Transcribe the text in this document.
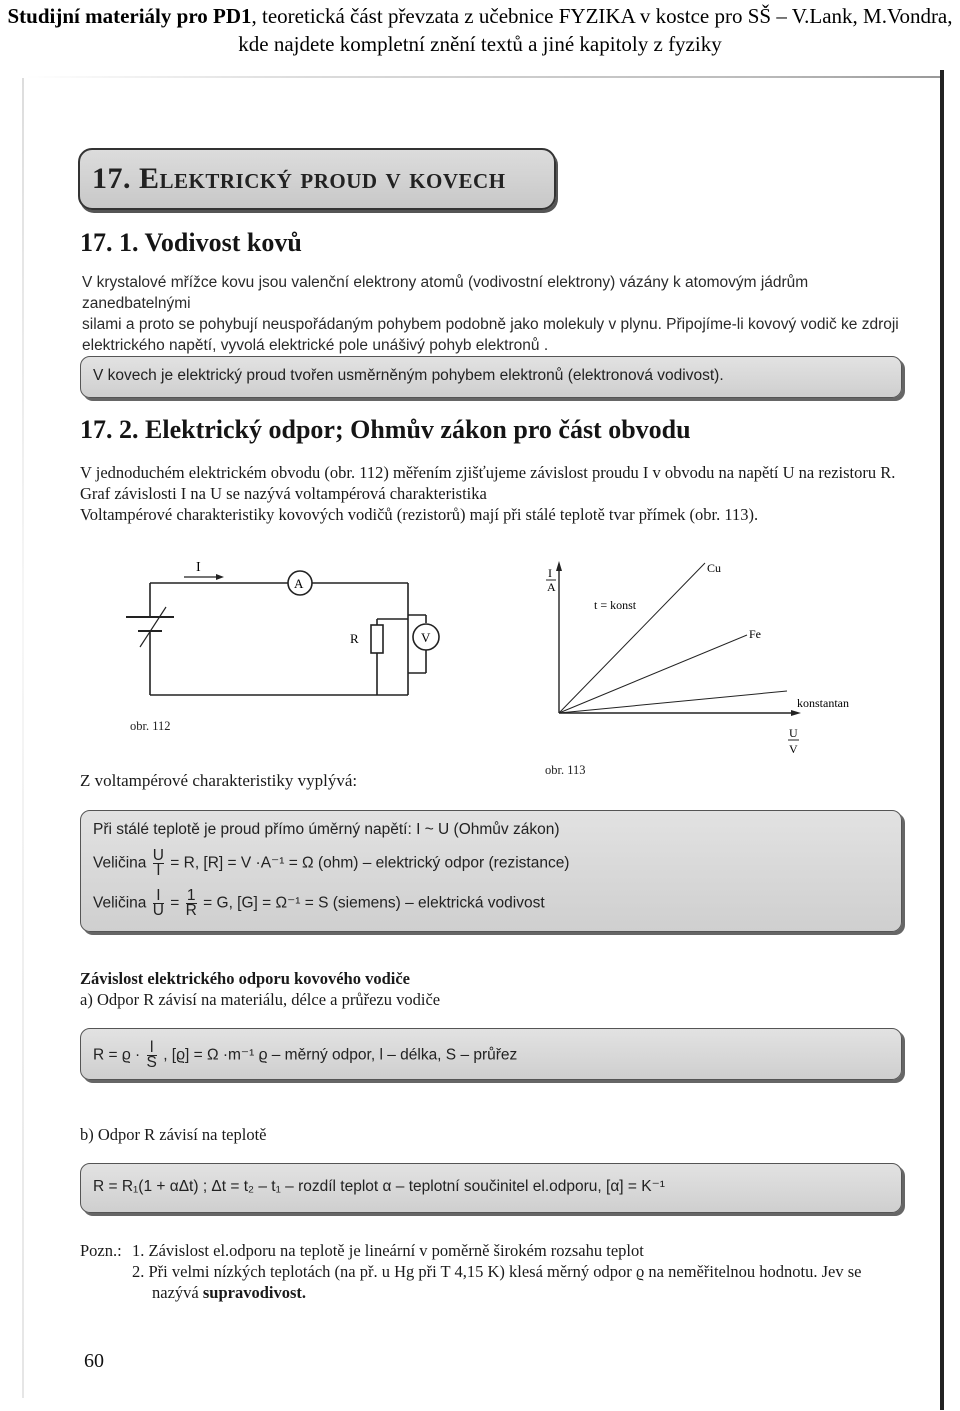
Studijní materiály pro PD1, teoretická část převzata z učebnice FYZIKA v kostce pro SŠ – V.Lank, M.Vondra,
kde najdete kompletní znění textů a jiné kapitoly z fyziky
17. Elektrický proud v kovech
17. 1. Vodivost kovů
V krystalové mřížce kovu jsou valenční elektrony atomů (vodivostní elektrony) vázány k atomovým jádrům zanedbatelnými
silami a proto se pohybují neuspořádaným pohybem podobně jako molekuly v plynu. Připojíme-li kovový vodič ke zdroji
elektrického napětí, vyvolá elektrické pole unášivý pohyb elektronů .
V kovech je elektrický proud tvořen usměrněným pohybem elektronů (elektronová vodivost).
17. 2. Elektrický odpor; Ohmův zákon pro část obvodu
V jednoduchém elektrickém obvodu (obr. 112) měřením zjišťujeme závislost proudu I v obvodu na napětí U na rezistoru R.
Graf závislosti I na U se nazývá voltampérová charakteristika
Voltampérové charakteristiky kovových vodičů (rezistorů) mají při stálé teplotě tvar přímek (obr. 113).
I
A
R	V
obr. 112
I
A
U
V
t = konst
Cu
Fe
konstantan
obr. 113
Z voltampérové charakteristiky vyplývá:
Při stálé teplotě je proud přímo úměrný napětí: I ~ U (Ohmův zákon)
Veličina $\frac{U}{I} = R$, [R] = V ·A⁻¹ = Ω (ohm) – elektrický odpor (rezistance)
Veličina $\frac{I}{U} = \frac{1}{R} = G$, [G] = Ω⁻¹ = S (siemens) – elektrická vodivost
Závislost elektrického odporu kovového vodiče
a) Odpor R závisí na materiálu, délce a průřezu vodiče
$R = ϱ \cdot \frac{l}{S}$ , [ϱ] = Ω ·m⁻¹ ϱ – měrný odpor, l – délka, S – průřez
b) Odpor R závisí na teplotě
R = R₁(1 + αΔt) ; Δt = t₂ – t₁ – rozdíl teplot α – teplotní součinitel el.odporu, [α] = K⁻¹
Pozn.: 1. Závislost el.odporu na teplotě je lineární v poměrně širokém rozsahu teplot
2. Při velmi nízkých teplotách (na př. u Hg při T 4,15 K) klesá měrný odpor ϱ na neměřitelnou hodnotu. Jev se
nazývá supravodivost.
60
